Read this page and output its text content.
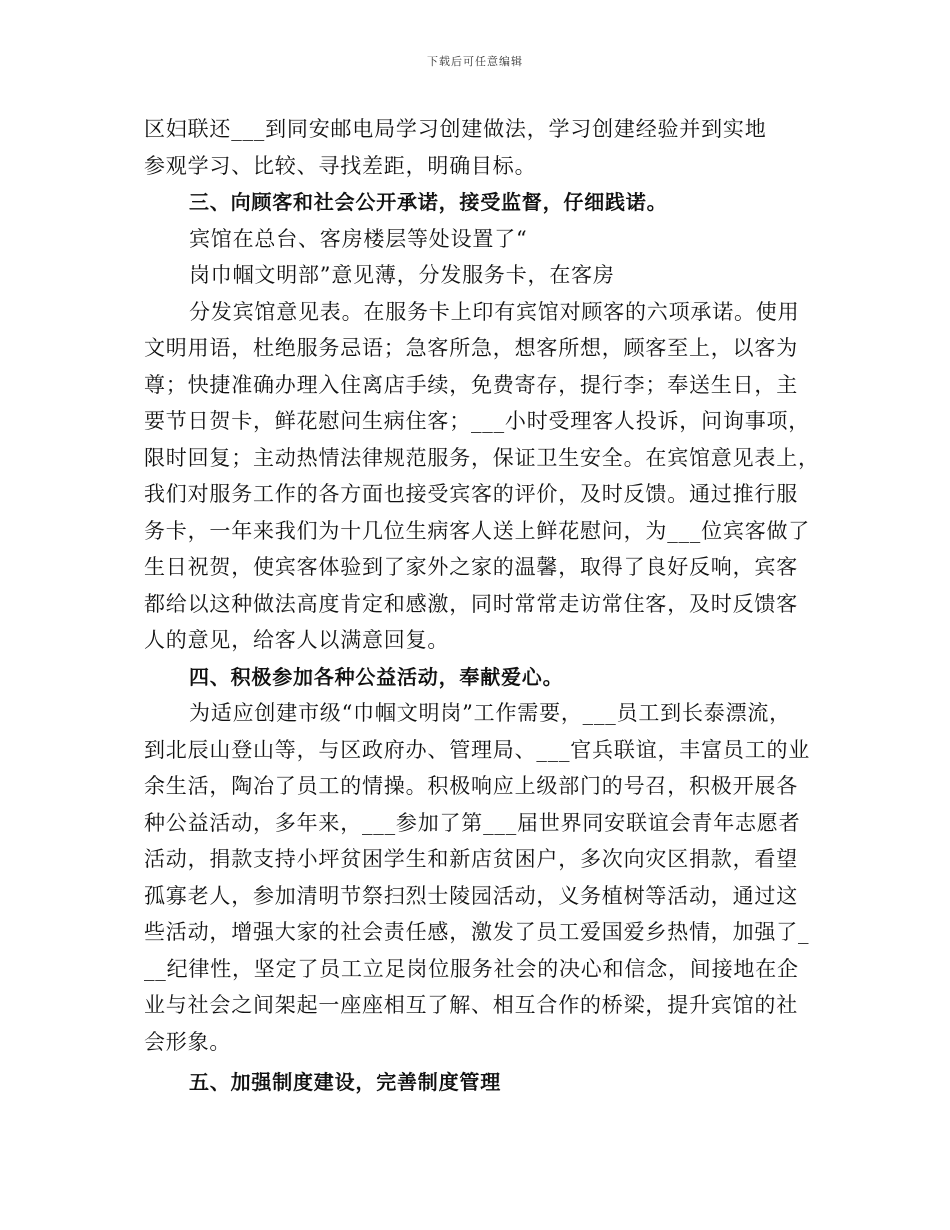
下载后可任意编辑
区妇联还___到同安邮电局学习创建做法，学习创建经验并到实地
参观学习、比较、寻找差距，明确目标。
三、向顾客和社会公开承诺，接受监督，仔细践诺。
宾馆在总台、客房楼层等处设置了“
岗巾帼文明部”意见薄，分发服务卡，在客房
分发宾馆意见表。在服务卡上印有宾馆对顾客的六项承诺。使用
文明用语，杜绝服务忌语；急客所急，想客所想，顾客至上，以客为
尊；快捷准确办理入住离店手续，免费寄存，提行李；奉送生日，主
要节日贺卡，鲜花慰问生病住客；___小时受理客人投诉，问询事项，
限时回复；主动热情法律规范服务，保证卫生安全。在宾馆意见表上，
我们对服务工作的各方面也接受宾客的评价，及时反馈。通过推行服
务卡，一年来我们为十几位生病客人送上鲜花慰问，为___位宾客做了
生日祝贺，使宾客体验到了家外之家的温馨，取得了良好反响，宾客
都给以这种做法高度肯定和感激，同时常常走访常住客，及时反馈客
人的意见，给客人以满意回复。
四、积极参加各种公益活动，奉献爱心。
为适应创建市级“巾帼文明岗”工作需要，___员工到长泰漂流，
到北辰山登山等，与区政府办、管理局、___官兵联谊，丰富员工的业
余生活，陶冶了员工的情操。积极响应上级部门的号召，积极开展各
种公益活动，多年来，___参加了第___届世界同安联谊会青年志愿者
活动，捐款支持小坪贫困学生和新店贫困户，多次向灾区捐款，看望
孤寡老人，参加清明节祭扫烈士陵园活动，义务植树等活动，通过这
些活动，增强大家的社会责任感，激发了员工爱国爱乡热情，加强了_
__纪律性，坚定了员工立足岗位服务社会的决心和信念，间接地在企
业与社会之间架起一座座相互了解、相互合作的桥梁，提升宾馆的社
会形象。
五、加强制度建设，完善制度管理
